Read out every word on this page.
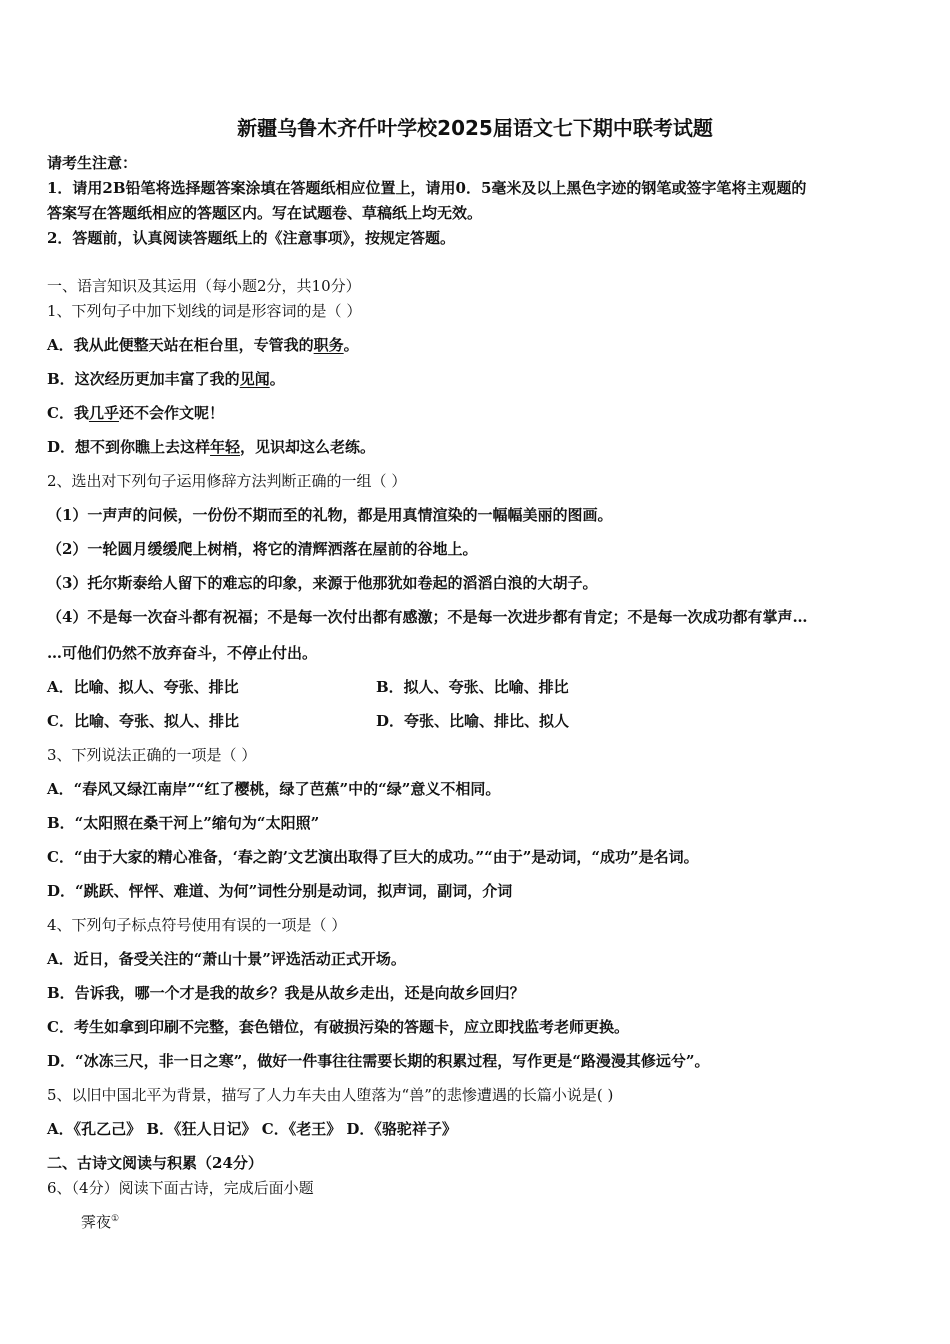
新疆乌鲁木齐仟叶学校2025届语文七下期中联考试题
请考生注意：
1．请用2B铅笔将选择题答案涂填在答题纸相应位置上，请用0．5毫米及以上黑色字迹的钢笔或签字笔将主观题的
答案写在答题纸相应的答题区内。写在试题卷、草稿纸上均无效。
2．答题前，认真阅读答题纸上的《注意事项》，按规定答题。
一、语言知识及其运用（每小题2分，共10分）
1、下列句子中加下划线的词是形容词的是（ ）
A．我从此便整天站在柜台里，专管我的职务。
B．这次经历更加丰富了我的见闻。
C．我几乎还不会作文呢！
D．想不到你瞧上去这样年轻，见识却这么老练。
2、选出对下列句子运用修辞方法判断正确的一组（ ）
（1）一声声的问候，一份份不期而至的礼物，都是用真情渲染的一幅幅美丽的图画。
（2）一轮圆月缓缓爬上树梢，将它的清辉洒落在屋前的谷地上。
（3）托尔斯泰给人留下的难忘的印象，来源于他那犹如卷起的滔滔白浪的大胡子。
（4）不是每一次奋斗都有祝福；不是每一次付出都有感激；不是每一次进步都有肯定；不是每一次成功都有掌声…
…可他们仍然不放弃奋斗，不停止付出。
A．比喻、拟人、夸张、排比	B．拟人、夸张、比喻、排比
C．比喻、夸张、拟人、排比	D．夸张、比喻、排比、拟人
3、下列说法正确的一项是（ ）
A．“春风又绿江南岸”“红了樱桃，绿了芭蕉”中的“绿”意义不相同。
B．“太阳照在桑干河上”缩句为“太阳照”
C．“由于大家的精心准备，‘春之韵’文艺演出取得了巨大的成功。”“由于”是动词，“成功”是名词。
D．“跳跃、怦怦、难道、为何”词性分别是动词，拟声词，副词，介词
4、下列句子标点符号使用有误的一项是（ ）
A．近日，备受关注的“萧山十景”评选活动正式开场。
B．告诉我，哪一个才是我的故乡？我是从故乡走出，还是向故乡回归？
C．考生如拿到印刷不完整，套色错位，有破损污染的答题卡，应立即找监考老师更换。
D．“冰冻三尺，非一日之寒”，做好一件事往往需要长期的积累过程，写作更是“路漫漫其修远兮”。
5、以旧中国北平为背景，描写了人力车夫由人堕落为“兽”的悲惨遭遇的长篇小说是( )
A．《孔乙己》 B．《狂人日记》 C．《老王》 D．《骆驼祥子》
二、古诗文阅读与积累（24分）
6、（4分）阅读下面古诗，完成后面小题
霁夜①
